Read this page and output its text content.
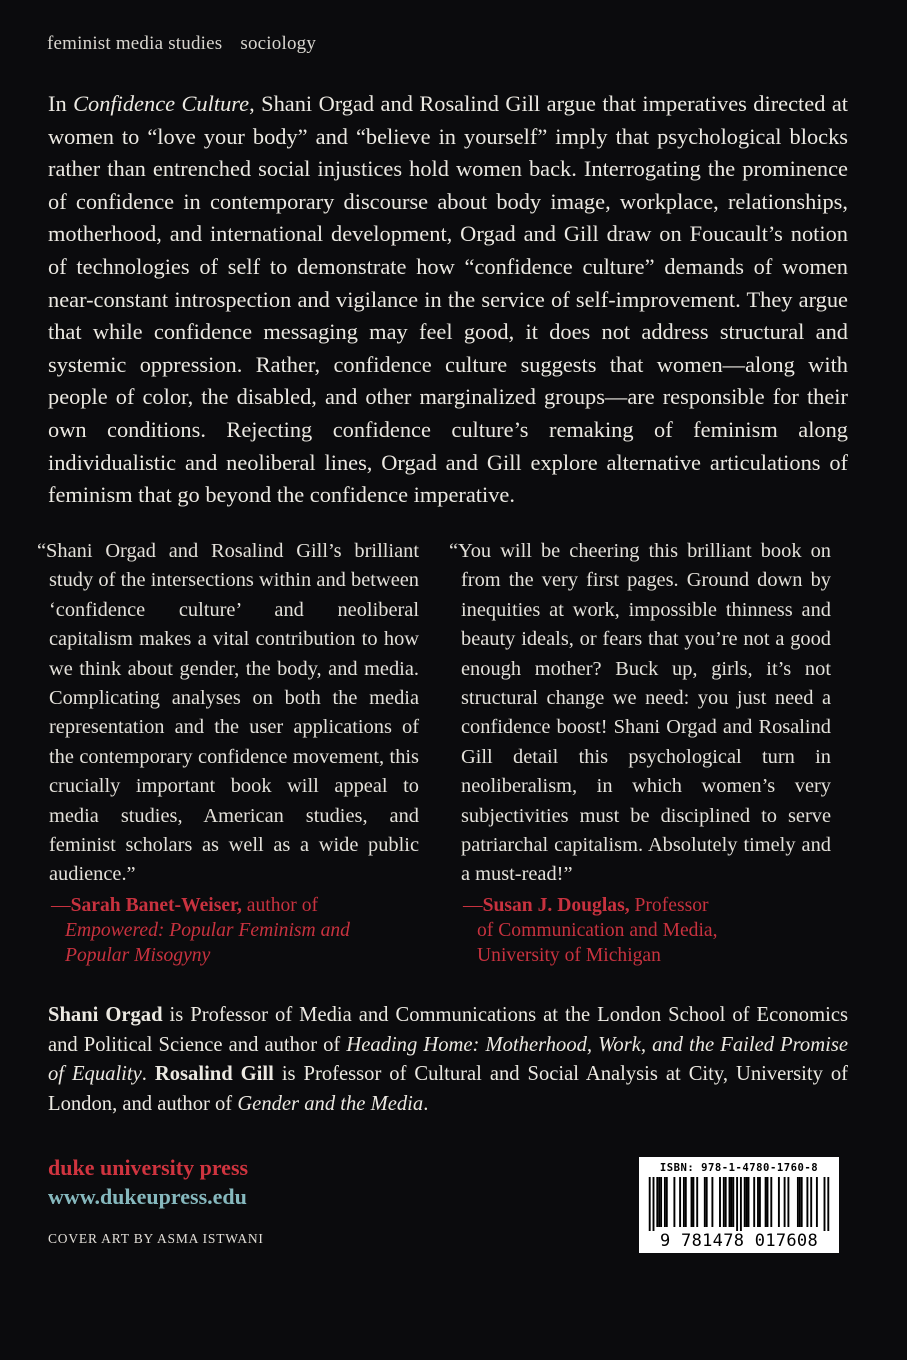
feminist media studies sociology

In Confidence Culture, Shani Orgad and Rosalind Gill argue that imperatives directed at women to “love your body” and “believe in yourself” imply that psychological blocks rather than entrenched social injustices hold women back. Interrogating the prominence of confidence in contemporary discourse about body image, workplace, relationships, motherhood, and international development, Orgad and Gill draw on Foucault’s notion of technologies of self to demonstrate how “confidence culture” demands of women near-constant introspection and vigilance in the service of self-improvement. They argue that while confidence messaging may feel good, it does not address structural and systemic oppression. Rather, confidence culture suggests that women—along with people of color, the disabled, and other marginalized groups—are responsible for their own conditions. Rejecting confidence culture’s remaking of feminism along individualistic and neoliberal lines, Orgad and Gill explore alternative articulations of feminism that go beyond the confidence imperative.

“Shani Orgad and Rosalind Gill’s brilliant study of the intersections within and between ‘confidence culture’ and neoliberal capitalism makes a vital contribution to how we think about gender, the body, and media. Complicating analyses on both the media representation and the user applications of the contemporary confidence movement, this crucially important book will appeal to media studies, American studies, and feminist scholars as well as a wide public audience.”

—Sarah Banet-Weiser, author of
Empowered: Popular Feminism and
Popular Misogyny

“You will be cheering this brilliant book on from the very first pages. Ground down by inequities at work, impossible thinness and beauty ideals, or fears that you’re not a good enough mother? Buck up, girls, it’s not structural change we need: you just need a confidence boost! Shani Orgad and Rosalind Gill detail this psychological turn in neoliberalism, in which women’s very subjectivities must be disciplined to serve patriarchal capitalism. Absolutely timely and a must-read!”

—Susan J. Douglas, Professor
of Communication and Media,
University of Michigan

Shani Orgad is Professor of Media and Communications at the London School of Economics and Political Science and author of Heading Home: Motherhood, Work, and the Failed Promise of Equality. Rosalind Gill is Professor of Cultural and Social Analysis at City, University of London, and author of Gender and the Media.

duke university press
www.dukeupress.edu
COVER ART BY ASMA ISTWANI
ISBN: 978-1-4780-1760-8
9 781478 017608
